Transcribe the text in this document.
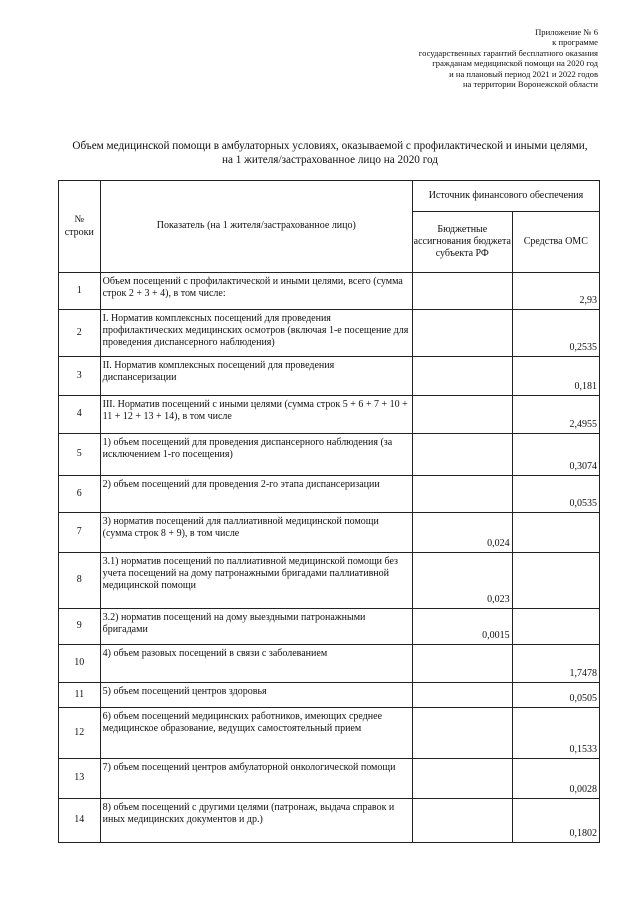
Приложение № 6
к программе
государственных гарантий бесплатного оказания
гражданам медицинской помощи на 2020 год
и на плановый период 2021 и 2022 годов
на территории Воронежской области
Объем медицинской помощи в амбулаторных условиях, оказываемой с профилактической и иными целями,
на 1 жителя/застрахованное лицо на 2020 год
№ строки	Показатель (на 1 жителя/застрахованное лицо)	Источник финансового обеспечения	
		Бюджетные ассигнования бюджета субъекта РФ	Средства ОМС
1	Объем посещений с профилактической и иными целями, всего (сумма строк 2 + 3 + 4), в том числе:		2,93
2	I. Норматив комплексных посещений для проведения профилактических медицинских осмотров (включая 1-е посещение для проведения диспансерного наблюдения)		0,2535
3	II. Норматив комплексных посещений для проведения диспансеризации		0,181
4	III. Норматив посещений с иными целями (сумма строк 5 + 6 + 7 + 10 + 11 + 12 + 13 + 14), в том числе		2,4955
5	1) объем посещений для проведения диспансерного наблюдения (за исключением 1-го посещения)		0,3074
6	2) объем посещений для проведения 2-го этапа диспансеризации		0,0535
7	3) норматив посещений для паллиативной медицинской помощи (сумма строк 8 + 9), в том числе	0,024	
8	3.1) норматив посещений по паллиативной медицинской помощи без учета посещений на дому патронажными бригадами паллиативной медицинской помощи	0,023	
9	3.2) норматив посещений на дому выездными патронажными бригадами	0,0015	
10	4) объем разовых посещений в связи с заболеванием		1,7478
11	5) объем посещений центров здоровья		0,0505
12	6) объем посещений медицинских работников, имеющих среднее медицинское образование, ведущих самостоятельный прием		0,1533
13	7) объем посещений центров амбулаторной онкологической помощи		0,0028
14	8) объем посещений с другими целями (патронаж, выдача справок и иных медицинских документов и др.)		0,1802
